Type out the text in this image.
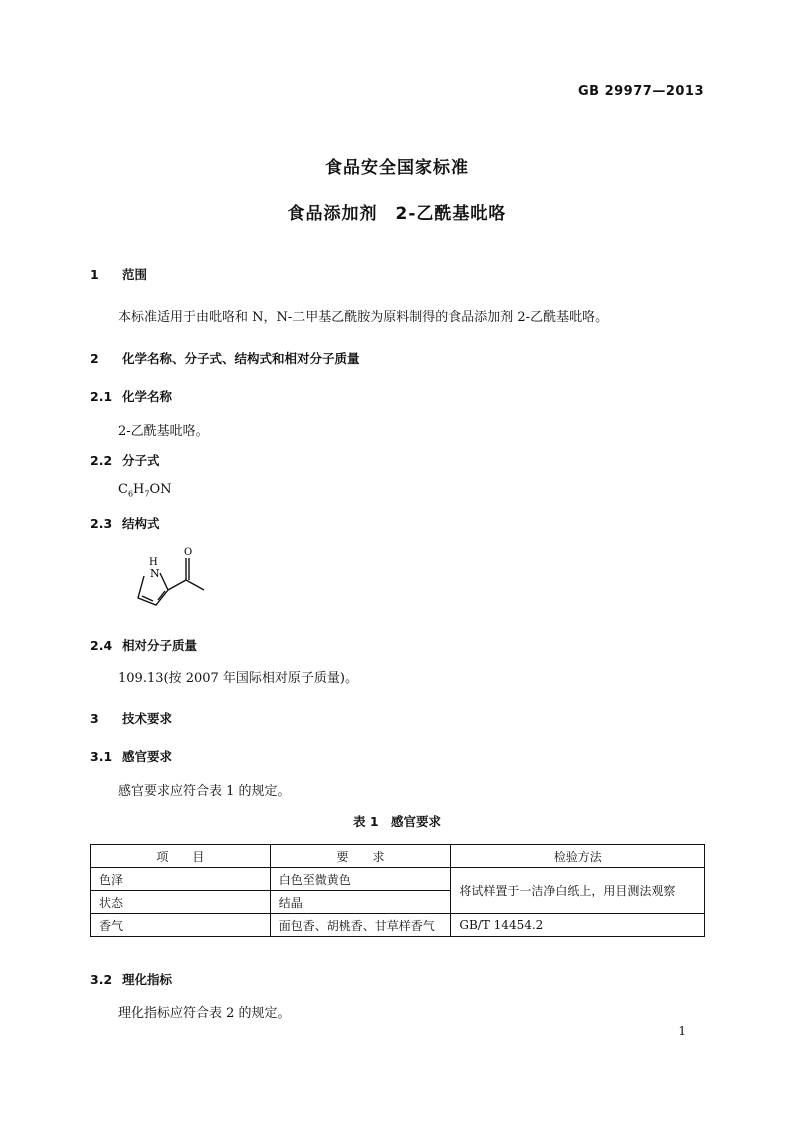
GB 29977—2013
食品安全国家标准
食品添加剂　2-乙酰基吡咯
1 范围
本标准适用于由吡咯和 N，N-二甲基乙酰胺为原料制得的食品添加剂 2-乙酰基吡咯。
2 化学名称、分子式、结构式和相对分子质量
2.1 化学名称
2-乙酰基吡咯。
2.2 分子式
$C_6H_7ON$
2.3 结构式
N
H
O
2.4 相对分子质量
109.13(按 2007 年国际相对原子质量)。
3 技术要求
3.1 感官要求
感官要求应符合表 1 的规定。
表 1　感官要求
项　　目	要　　求	检验方法
色泽	白色至微黄色	将试样置于一洁净白纸上，用目测法观察
状态	结晶	
香气	面包香、胡桃香、甘草样香气	GB/T 14454.2
3.2 理化指标
理化指标应符合表 2 的规定。
1
